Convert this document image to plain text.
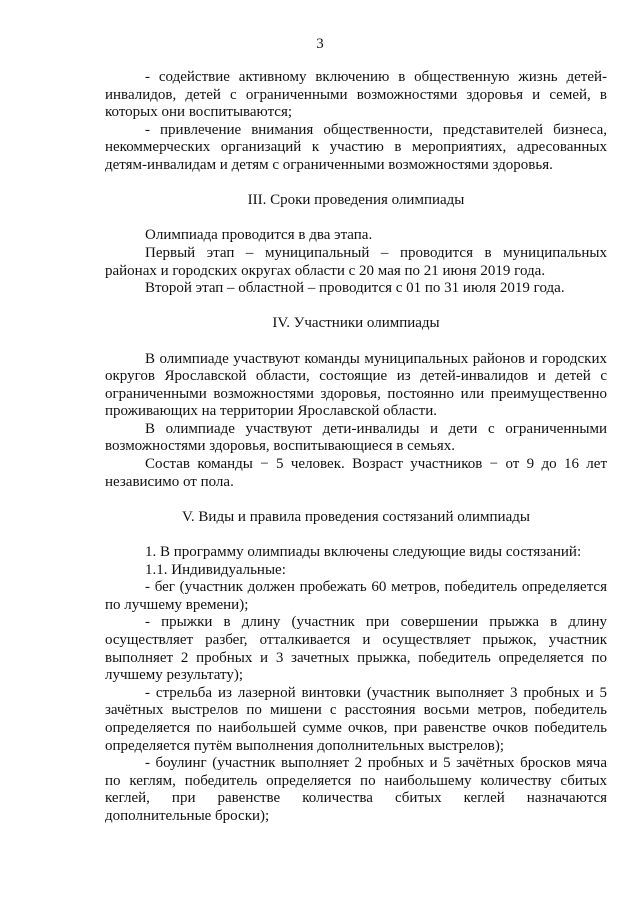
3

- содействие активному включению в общественную жизнь детей-инвалидов, детей с ограниченными возможностями здоровья и семей, в которых они воспитываются;

- привлечение внимания общественности, представителей бизнеса, некоммерческих организаций к участию в мероприятиях, адресованных детям-инвалидам и детям с ограниченными возможностями здоровья.

III. Сроки проведения олимпиады

Олимпиада проводится в два этапа.

Первый этап – муниципальный – проводится в муниципальных районах и городских округах области с 20 мая по 21 июня 2019 года.

Второй этап – областной – проводится с 01 по 31 июля 2019 года.

IV. Участники олимпиады

В олимпиаде участвуют команды муниципальных районов и городских округов Ярославской области, состоящие из детей-инвалидов и детей с ограниченными возможностями здоровья, постоянно или преимущественно проживающих на территории Ярославской области.

В олимпиаде участвуют дети-инвалиды и дети с ограниченными возможностями здоровья, воспитывающиеся в семьях.

Состав команды − 5 человек. Возраст участников − от 9 до 16 лет независимо от пола.

V. Виды и правила проведения состязаний олимпиады

1. В программу олимпиады включены следующие виды состязаний:

1.1. Индивидуальные:

- бег (участник должен пробежать 60 метров, победитель определяется по лучшему времени);

- прыжки в длину (участник при совершении прыжка в длину осуществляет разбег, отталкивается и осуществляет прыжок, участник выполняет 2 пробных и 3 зачетных прыжка, победитель определяется по лучшему результату);

- стрельба из лазерной винтовки (участник выполняет 3 пробных и 5 зачётных выстрелов по мишени с расстояния восьми метров, победитель определяется по наибольшей сумме очков, при равенстве очков победитель определяется путём выполнения дополнительных выстрелов);

- боулинг (участник выполняет 2 пробных и 5 зачётных бросков мяча по кеглям, победитель определяется по наибольшему количеству сбитых кеглей, при равенстве количества сбитых кеглей назначаются дополнительные броски);
